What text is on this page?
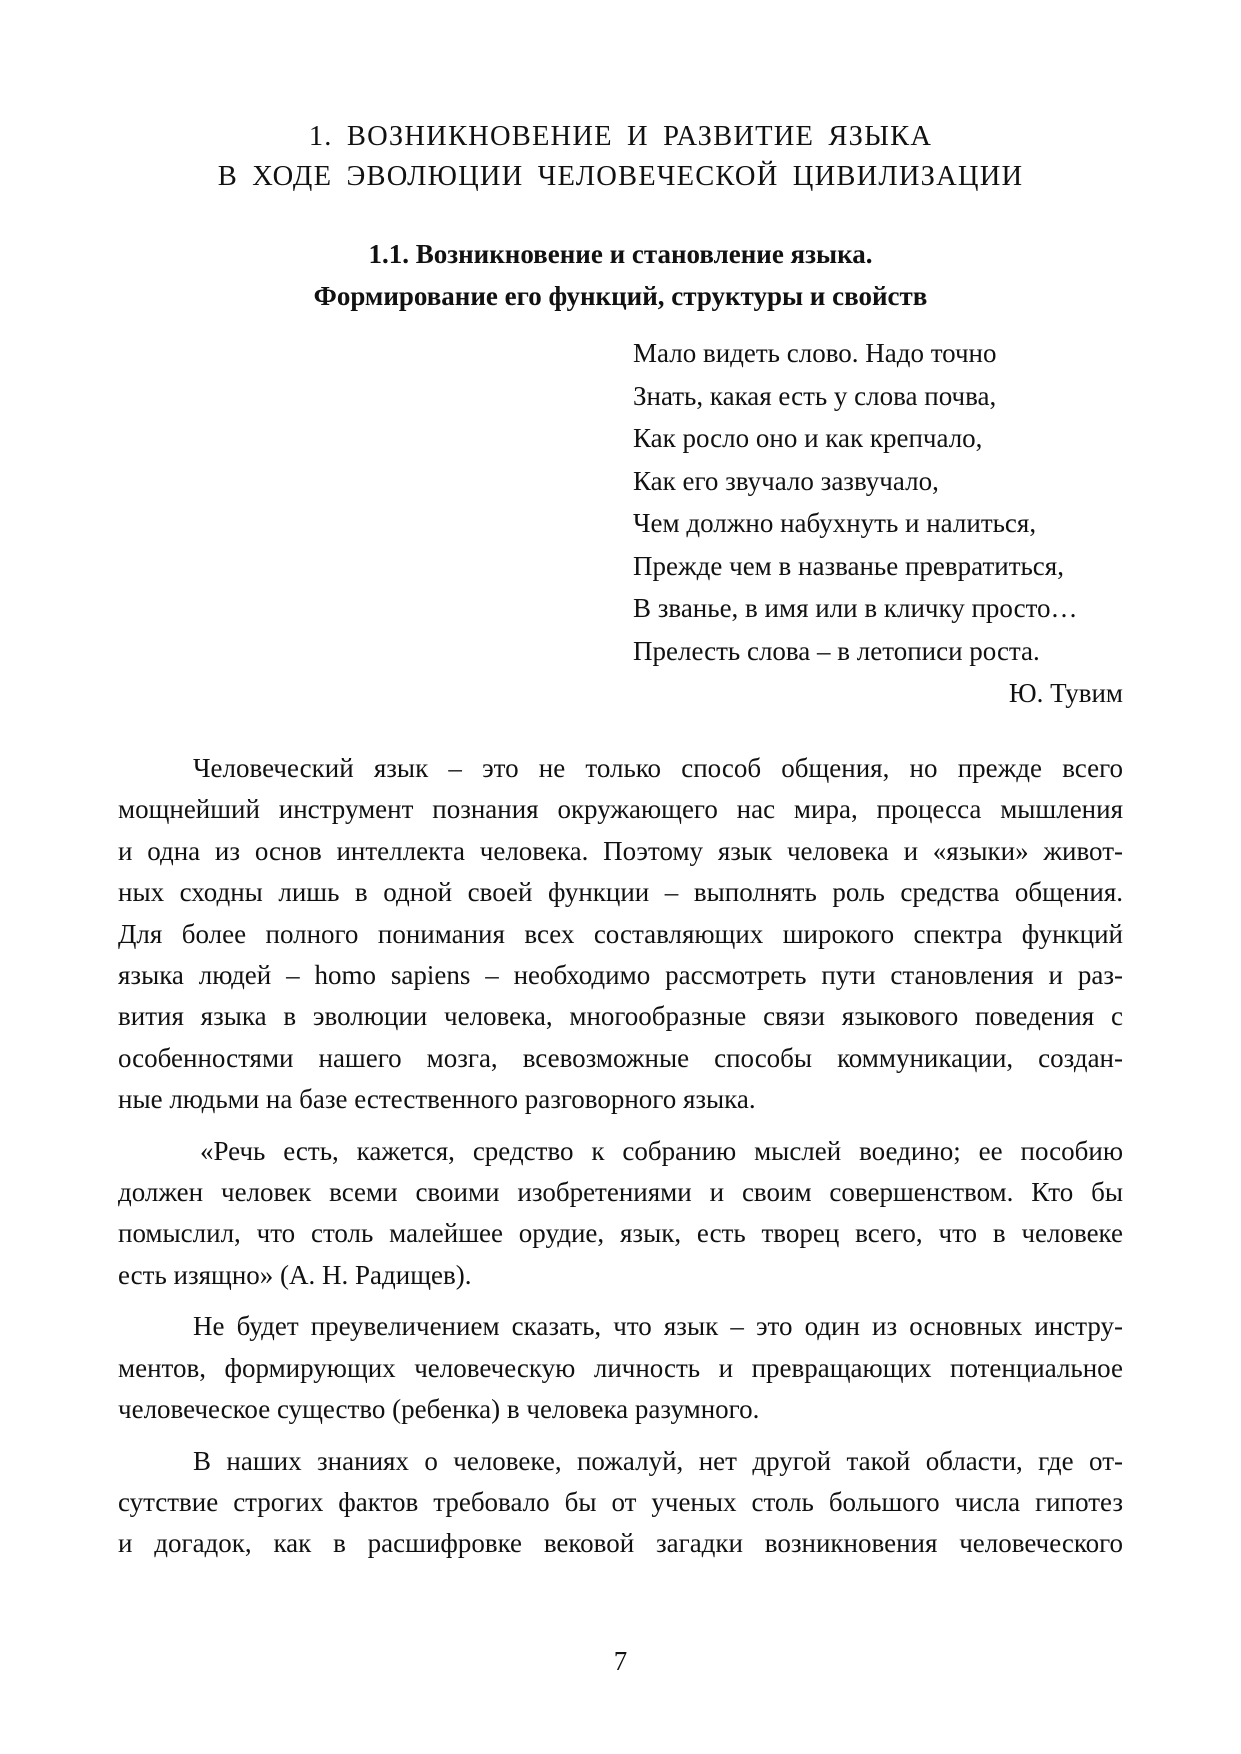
1. ВОЗНИКНОВЕНИЕ И РАЗВИТИЕ ЯЗЫКА
В ХОДЕ ЭВОЛЮЦИИ ЧЕЛОВЕЧЕСКОЙ ЦИВИЛИЗАЦИИ
1.1. Возникновение и становление языка.
Формирование его функций, структуры и свойств
Мало видеть слово. Надо точно
Знать, какая есть у слова почва,
Как росло оно и как крепчало,
Как его звучало зазвучало,
Чем должно набухнуть и налиться,
Прежде чем в названье превратиться,
В званье, в имя или в кличку просто…
Прелесть слова – в летописи роста.

Ю. Тувим

Человеческий язык – это не только способ общения, но прежде всего
мощнейший инструмент познания окружающего нас мира, процесса мышления
и одна из основ интеллекта человека. Поэтому язык человека и «языки» живот-
ных сходны лишь в одной своей функции – выполнять роль средства общения.
Для более полного понимания всех составляющих широкого спектра функций
языка людей – homo sapiens – необходимо рассмотреть пути становления и раз-
вития языка в эволюции человека, многообразные связи языкового поведения с
особенностями нашего мозга, всевозможные способы коммуникации, создан-
ные людьми на базе естественного разговорного языка.

«Речь есть, кажется, средство к собранию мыслей воедино; ее пособию
должен человек всеми своими изобретениями и своим совершенством. Кто бы
помыслил, что столь малейшее орудие, язык, есть творец всего, что в человеке
есть изящно» (А. Н. Радищев).

Не будет преувеличением сказать, что язык – это один из основных инстру-
ментов, формирующих человеческую личность и превращающих потенциальное
человеческое существо (ребенка) в человека разумного.

В наших знаниях о человеке, пожалуй, нет другой такой области, где от-
сутствие строгих фактов требовало бы от ученых столь большого числа гипотез
и догадок, как в расшифровке вековой загадки возникновения человеческого

7
